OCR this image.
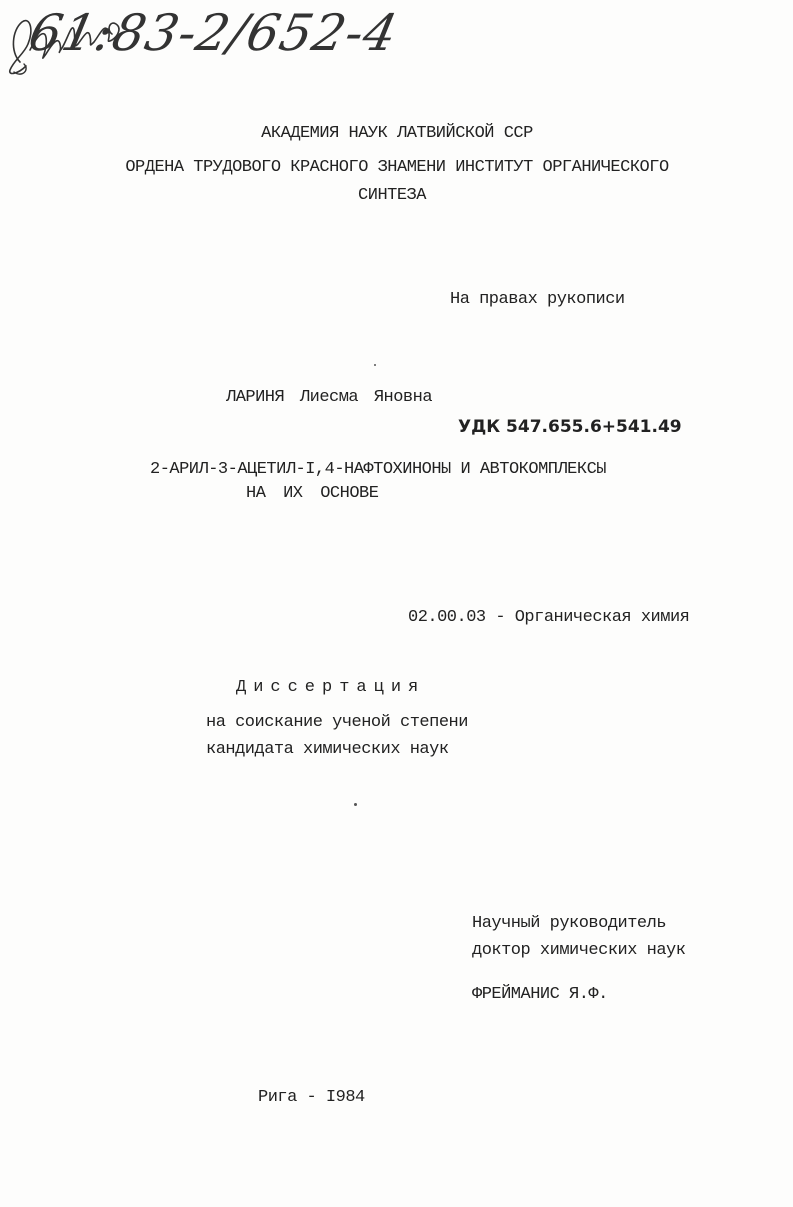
61:83-2/652-4
АКАДЕМИЯ НАУК ЛАТВИЙСКОЙ ССР
ОРДЕНА ТРУДОВОГО КРАСНОГО ЗНАМЕНИ ИНСТИТУТ ОРГАНИЧЕСКОГО
СИНТЕЗА
На правах рукописи
ЛАРИНЯ Лиесма Яновна
УДК 547.655.6+541.49
2-АРИЛ-3-АЦЕТИЛ-I,4-НАФТОХИНОНЫ И АВТОКОМПЛЕКСЫ
НА ИХ ОСНОВЕ
02.00.03 - Органическая химия
Диссертация
на соискание ученой степени
кандидата химических наук
Научный руководитель
доктор химических наук
ФРЕЙМАНИС Я.Ф.
Рига - I984
